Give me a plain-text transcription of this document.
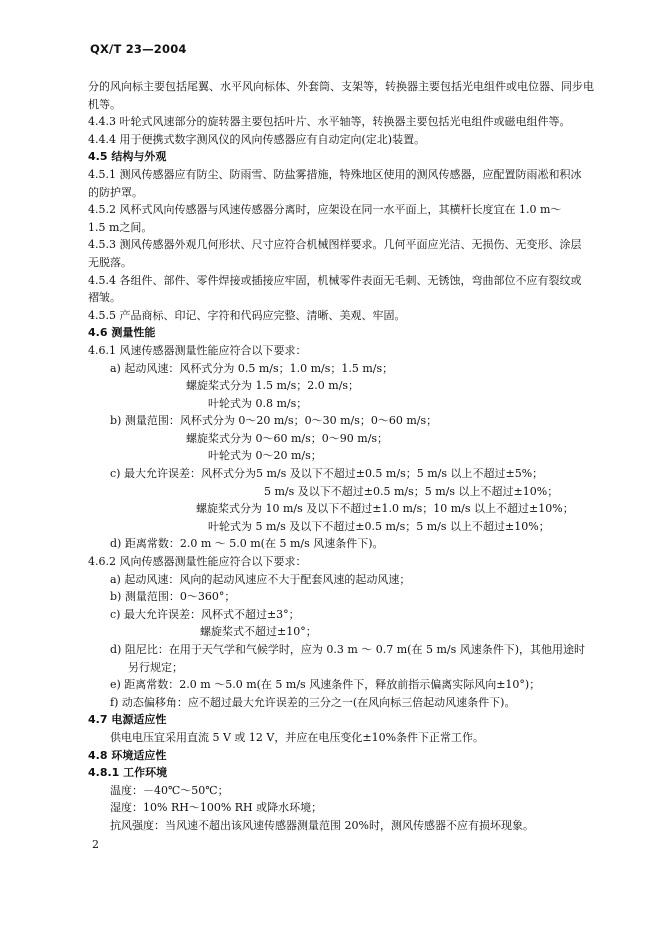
QX/T 23—2004

分的风向标主要包括尾翼、水平风向标体、外套筒、支架等，转换器主要包括光电组件或电位器、同步电

机等。

4.4.3 叶轮式风速部分的旋转器主要包括叶片、水平轴等，转换器主要包括光电组件或磁电组件等。

4.4.4 用于便携式数字测风仪的风向传感器应有自动定向(定北)装置。

4.5 结构与外观

4.5.1 测风传感器应有防尘、防雨雪、防盐雾措施，特殊地区使用的测风传感器，应配置防雨凇和积冰

的防护罩。

4.5.2 风杯式风向传感器与风速传感器分离时，应架设在同一水平面上，其横杆长度宜在 1.0 m～

1.5 m之间。

4.5.3 测风传感器外观几何形状、尺寸应符合机械图样要求。几何平面应光洁、无损伤、无变形、涂层

无脱落。

4.5.4 各组件、部件、零件焊接或插接应牢固，机械零件表面无毛刺、无锈蚀，弯曲部位不应有裂纹或

褶皱。

4.5.5 产品商标、印记、字符和代码应完整、清晰、美观、牢固。

4.6 测量性能

4.6.1 风速传感器测量性能应符合以下要求：

a) 起动风速：风杯式分为 0.5 m/s；1.0 m/s；1.5 m/s；

螺旋桨式分为 1.5 m/s；2.0 m/s；

叶轮式为 0.8 m/s；

b) 测量范围：风杯式分为 0～20 m/s；0～30 m/s；0～60 m/s；

螺旋桨式分为 0～60 m/s；0～90 m/s；

叶轮式为 0～20 m/s；

c) 最大允许误差：风杯式分为5 m/s 及以下不超过±0.5 m/s；5 m/s 以上不超过±5%；

5 m/s 及以下不超过±0.5 m/s；5 m/s 以上不超过±10%；

螺旋桨式分为 10 m/s 及以下不超过±1.0 m/s；10 m/s 以上不超过±10%；

叶轮式为 5 m/s 及以下不超过±0.5 m/s；5 m/s 以上不超过±10%；

d) 距离常数：2.0 m ～ 5.0 m(在 5 m/s 风速条件下)。

4.6.2 风向传感器测量性能应符合以下要求：

a) 起动风速：风向的起动风速应不大于配套风速的起动风速；

b) 测量范围：0～360°；

c) 最大允许误差：风杯式不超过±3°；

螺旋桨式不超过±10°；

d) 阻尼比：在用于天气学和气候学时，应为 0.3 m ～ 0.7 m(在 5 m/s 风速条件下)，其他用途时

另行规定；

e) 距离常数：2.0 m ～5.0 m(在 5 m/s 风速条件下，释放前指示偏离实际风向±10°)；

f) 动态偏移角：应不超过最大允许误差的三分之一(在风向标三倍起动风速条件下)。

4.7 电源适应性

供电电压宜采用直流 5 V 或 12 V，并应在电压变化±10%条件下正常工作。

4.8 环境适应性

4.8.1 工作环境

温度：－40℃～50℃；

湿度：10% RH～100% RH 或降水环境；

抗风强度：当风速不超出该风速传感器测量范围 20%时，测风传感器不应有损坏现象。

2
